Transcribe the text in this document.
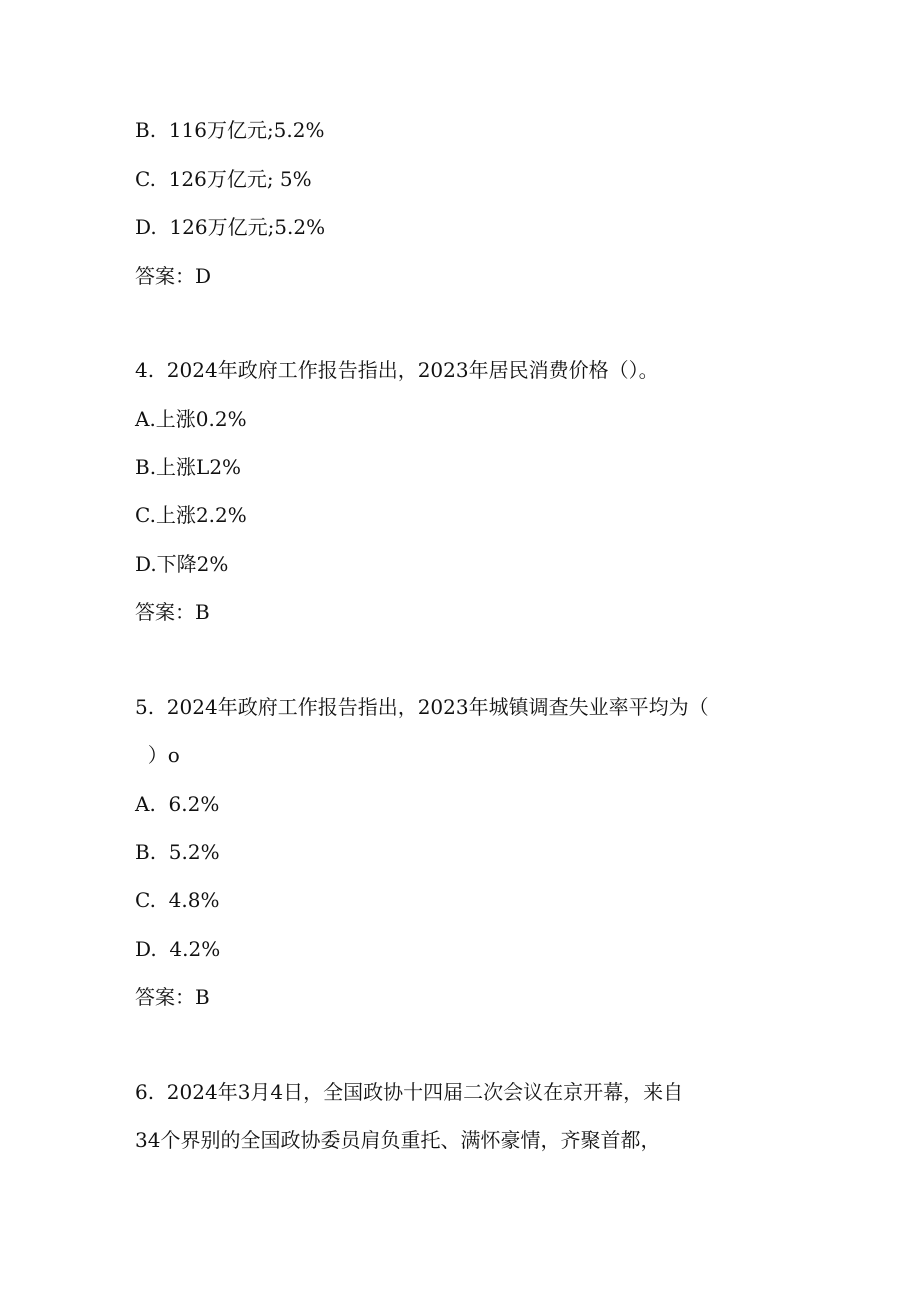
B.  116万亿元;5.2%

C.  126万亿元; 5%

D.  126万亿元;5.2%

答案：D

4.  2024年政府工作报告指出，2023年居民消费价格（）。

A.上涨0.2%

B.上涨L2%

C.上涨2.2%

D.下降2%

答案：B

5.  2024年政府工作报告指出，2023年城镇调查失业率平均为（

）o

A.  6.2%

B.  5.2%

C.  4.8%

D.  4.2%

答案：B

6.  2024年3月4日，全国政协十四届二次会议在京开幕，来自

34个界别的全国政协委员肩负重托、满怀豪情，齐聚首都，
